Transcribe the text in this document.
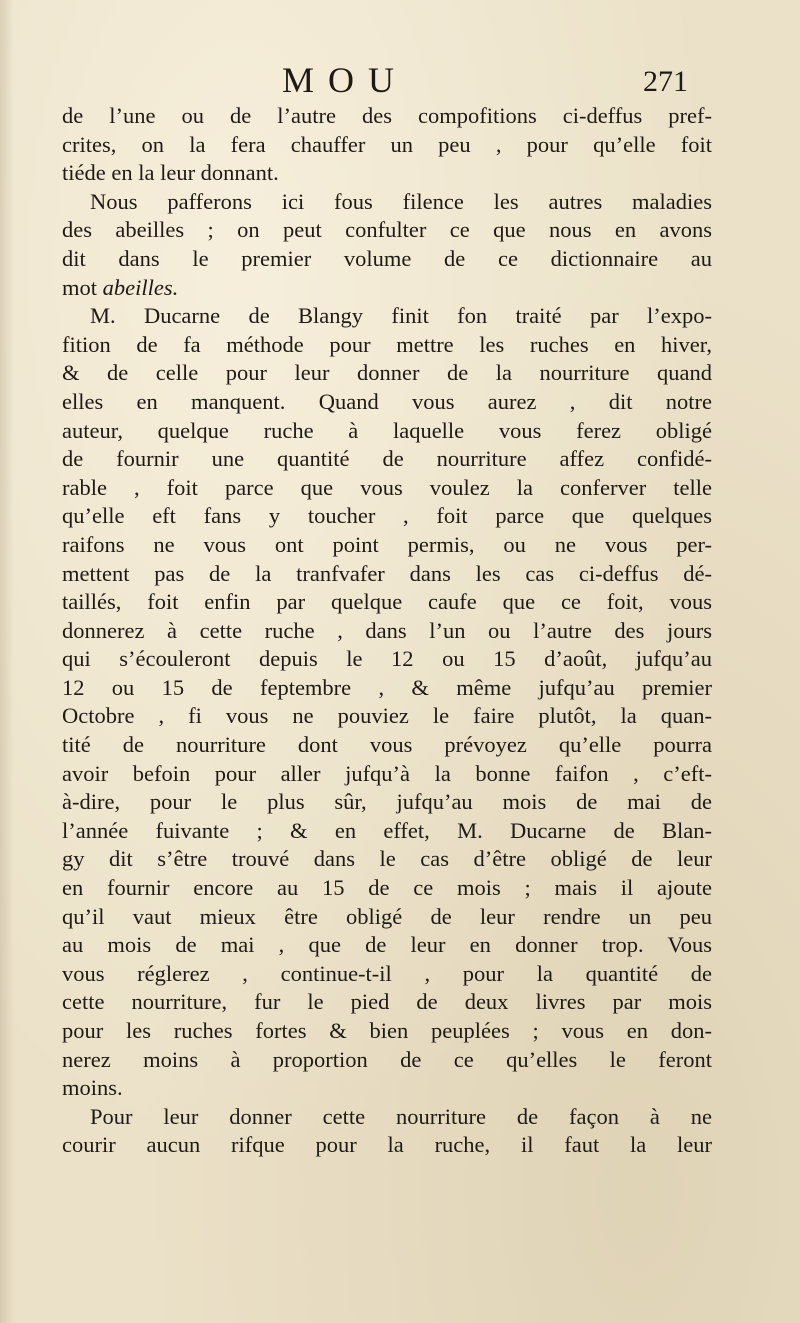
MOU	271
de l’une ou de l’autre des compofitions ci-deffus pref-
crites, on la fera chauffer un peu , pour qu’elle foit
tiéde en la leur donnant.
Nous pafferons ici fous filence les autres maladies
des abeilles ; on peut confulter ce que nous en avons
dit dans le premier volume de ce dictionnaire au
mot abeilles.
M. Ducarne de Blangy finit fon traité par l’expo-
fition de fa méthode pour mettre les ruches en hiver,
& de celle pour leur donner de la nourriture quand
elles en manquent. Quand vous aurez , dit notre
auteur, quelque ruche à laquelle vous ferez obligé
de fournir une quantité de nourriture affez confidé-
rable , foit parce que vous voulez la conferver telle
qu’elle eft fans y toucher , foit parce que quelques
raifons ne vous ont point permis, ou ne vous per-
mettent pas de la tranfvafer dans les cas ci-deffus dé-
taillés, foit enfin par quelque caufe que ce foit, vous
donnerez à cette ruche , dans l’un ou l’autre des jours
qui s’écouleront depuis le 12 ou 15 d’août, jufqu’au
12 ou 15 de feptembre , & même jufqu’au premier
Octobre , fi vous ne pouviez le faire plutôt, la quan-
tité de nourriture dont vous prévoyez qu’elle pourra
avoir befoin pour aller jufqu’à la bonne faifon , c’eft-
à-dire, pour le plus sûr, jufqu’au mois de mai de
l’année fuivante ; & en effet, M. Ducarne de Blan-
gy dit s’être trouvé dans le cas d’être obligé de leur
en fournir encore au 15 de ce mois ; mais il ajoute
qu’il vaut mieux être obligé de leur rendre un peu
au mois de mai , que de leur en donner trop. Vous
vous réglerez , continue-t-il , pour la quantité de
cette nourriture, fur le pied de deux livres par mois
pour les ruches fortes & bien peuplées ; vous en don-
nerez moins à proportion de ce qu’elles le feront
moins.
Pour leur donner cette nourriture de façon à ne
courir aucun rifque pour la ruche, il faut la leur
